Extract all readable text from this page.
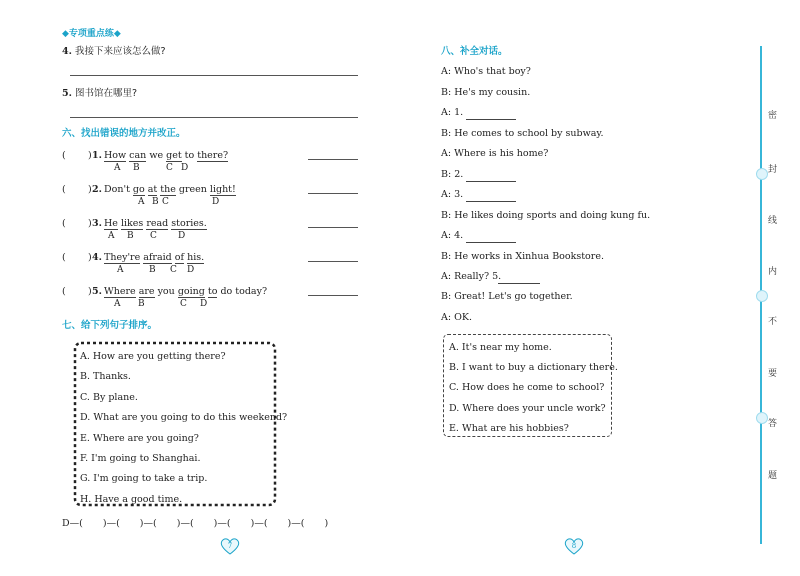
◆专项重点练◆
4. 我接下来应该怎么做?
5. 图书馆在哪里?
六、找出错误的地方并改正。
( ) 1. How can we get to there?
A B	C D
( ) 2. Don't go at the green light!
A B C	D
( ) 3. He likes read stories.
A B C D
( ) 4. They're afraid of his.
A	B C D
( ) 5. Where are you going to do today?
A B	C D
七、给下列句子排序。
A. How are you getting there?
B. Thanks.
C. By plane.
D. What are you going to do this weekend?
E. Where are you going?
F. I'm going to Shanghai.
G. I'm going to take a trip.
H. Have a good time.
D—( )—( )—( )—( )—( )—( )—( )
7
八、补全对话。
A: Who's that boy?
B: He's my cousin.
A: 1.
B: He comes to school by subway.
A: Where is his home?
B: 2.
A: 3.
B: He likes doing sports and doing kung fu.
A: 4.
B: He works in Xinhua Bookstore.
A: Really? 5.
B: Great! Let's go together.
A: OK.
A. It's near my home.
B. I want to buy a dictionary there.
C. How does he come to school?
D. Where does your uncle work?
E. What are his hobbies?
8
密
封
线
内
不
要
答
题
